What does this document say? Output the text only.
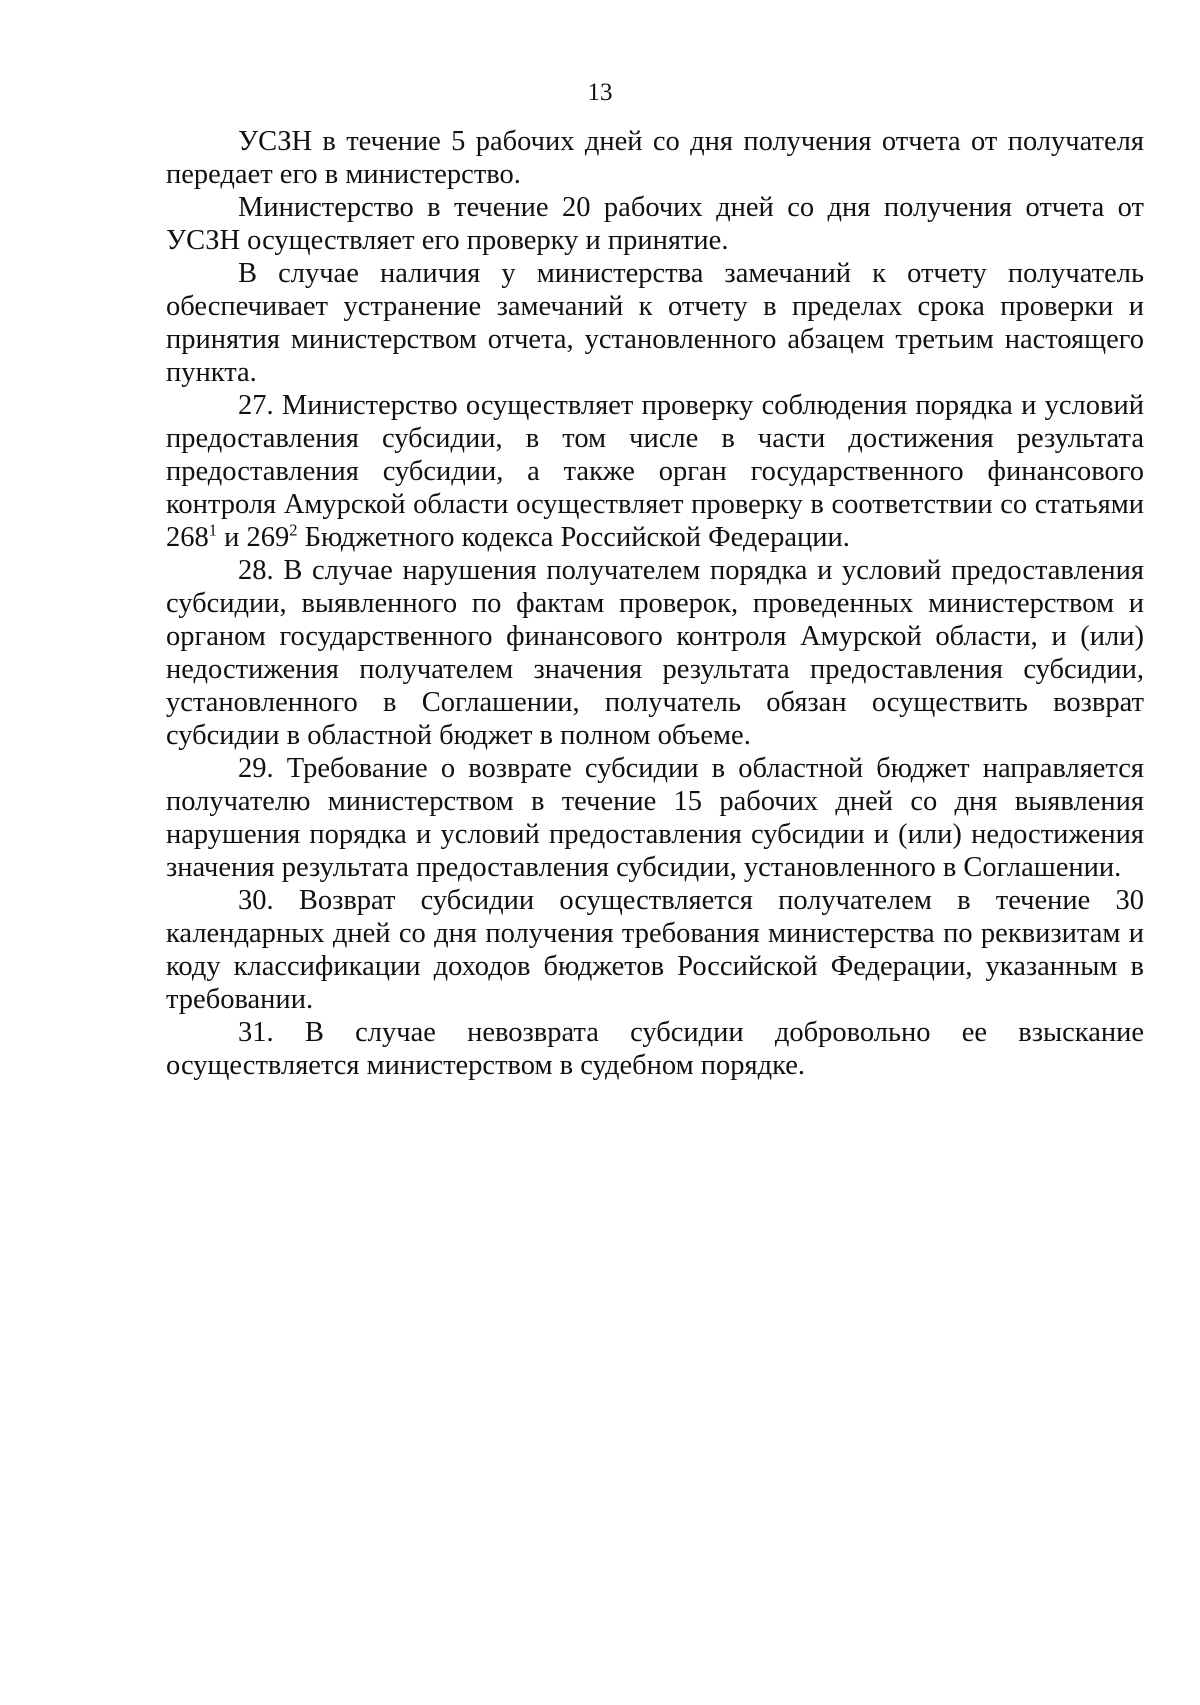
13

УСЗН в течение 5 рабочих дней со дня получения отчета от получателя передает его в министерство.

Министерство в течение 20 рабочих дней со дня получения отчета от УСЗН осуществляет его проверку и принятие.

В случае наличия у министерства замечаний к отчету получатель обеспечивает устранение замечаний к отчету в пределах срока проверки и принятия министерством отчета, установленного абзацем третьим настоящего пункта.

27. Министерство осуществляет проверку соблюдения порядка и условий предоставления субсидии, в том числе в части достижения результата предоставления субсидии, а также орган государственного финансового контроля Амурской области осуществляет проверку в соответствии со статьями $268^1$ и $269^2$ Бюджетного кодекса Российской Федерации.

28. В случае нарушения получателем порядка и условий предоставления субсидии, выявленного по фактам проверок, проведенных министерством и органом государственного финансового контроля Амурской области, и (или) недостижения получателем значения результата предоставления субсидии, установленного в Соглашении, получатель обязан осуществить возврат субсидии в областной бюджет в полном объеме.

29. Требование о возврате субсидии в областной бюджет направляется получателю министерством в течение 15 рабочих дней со дня выявления нарушения порядка и условий предоставления субсидии и (или) недостижения значения результата предоставления субсидии, установленного в Соглашении.

30. Возврат субсидии осуществляется получателем в течение 30 календарных дней со дня получения требования министерства по реквизитам и коду классификации доходов бюджетов Российской Федерации, указанным в требовании.

31. В случае невозврата субсидии добровольно ее взыскание осуществляется министерством в судебном порядке.
